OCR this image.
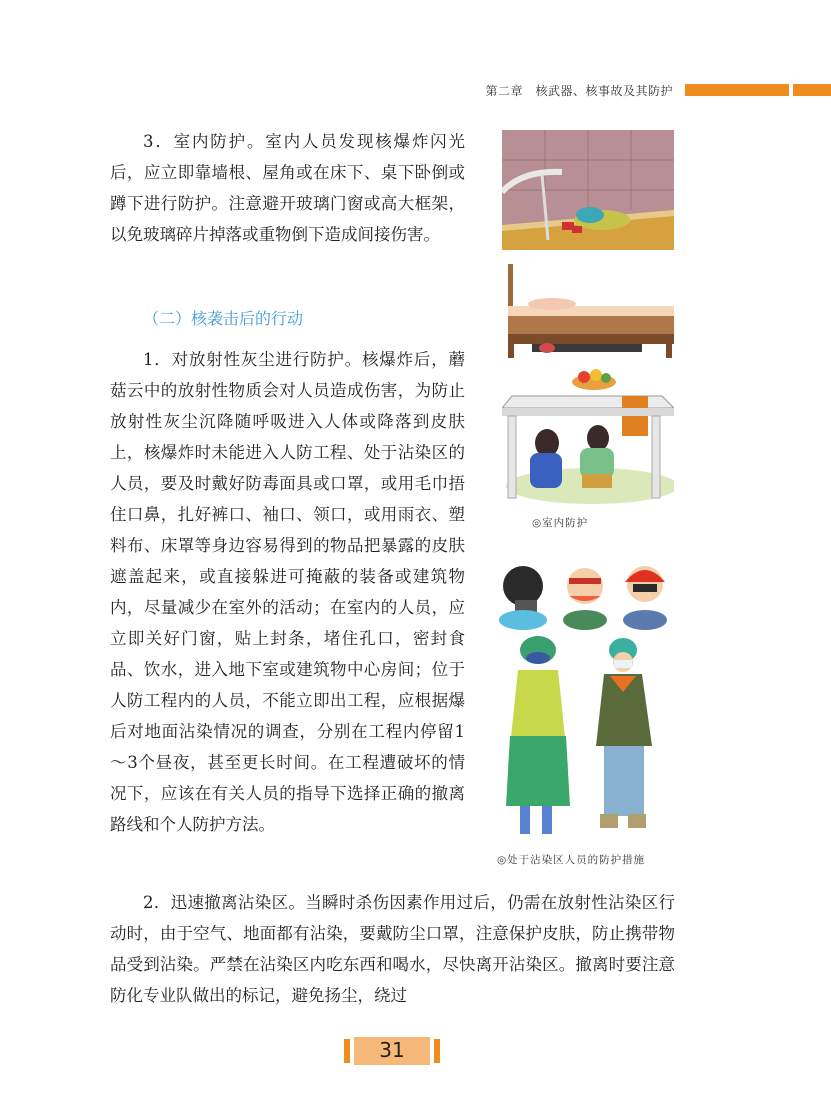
第二章　核武器、核事故及其防护

3．室内防护。室内人员发现核爆炸闪光后，应立即靠墙根、屋角或在床下、桌下卧倒或蹲下进行防护。注意避开玻璃门窗或高大框架，以免玻璃碎片掉落或重物倒下造成间接伤害。

（二）核袭击后的行动

1．对放射性灰尘进行防护。核爆炸后，蘑菇云中的放射性物质会对人员造成伤害，为防止放射性灰尘沉降随呼吸进入人体或降落到皮肤上，核爆炸时未能进入人防工程、处于沾染区的人员，要及时戴好防毒面具或口罩，或用毛巾捂住口鼻，扎好裤口、袖口、领口，或用雨衣、塑料布、床罩等身边容易得到的物品把暴露的皮肤遮盖起来，或直接躲进可掩蔽的装备或建筑物内，尽量减少在室外的活动；在室内的人员，应立即关好门窗，贴上封条，堵住孔口，密封食品、饮水，进入地下室或建筑物中心房间；位于人防工程内的人员，不能立即出工程，应根据爆后对地面沾染情况的调查，分别在工程内停留1～3个昼夜，甚至更长时间。在工程遭破坏的情况下，应该在有关人员的指导下选择正确的撤离路线和个人防护方法。

2．迅速撤离沾染区。当瞬时杀伤因素作用过后，仍需在放射性沾染区行动时，由于空气、地面都有沾染，要戴防尘口罩，注意保护皮肤，防止携带物品受到沾染。严禁在沾染区内吃东西和喝水，尽快离开沾染区。撤离时要注意防化专业队做出的标记，避免扬尘，绕过

◎室内防护
◎处于沾染区人员的防护措施
31
